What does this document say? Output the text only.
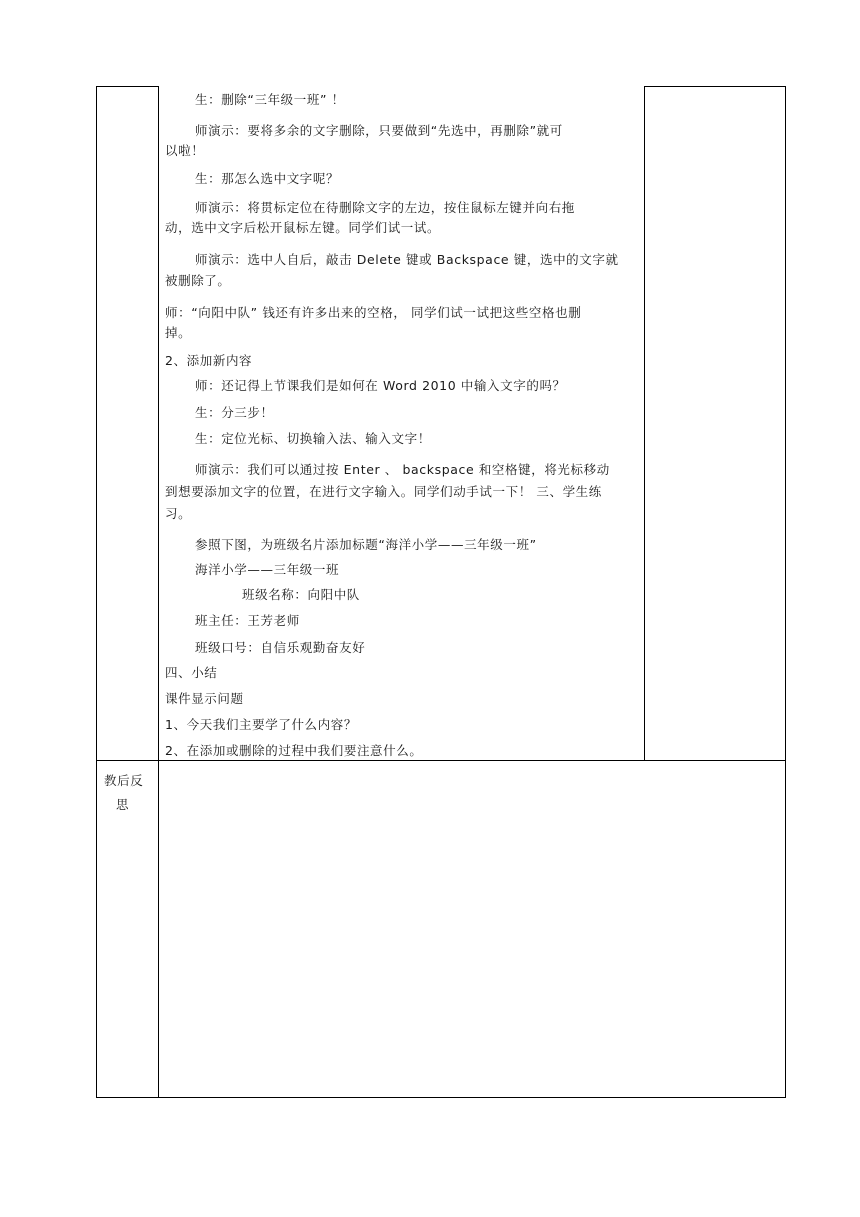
生：删除“三年级一班” ！
师演示：要将多余的文字删除，只要做到“先选中，再删除”就可
以啦！
生：那怎么选中文字呢？
师演示：将贯标定位在待删除文字的左边，按住鼠标左键并向右拖
动，选中文字后松开鼠标左键。同学们试一试。
师演示：选中人自后，敲击 Delete 键或 Backspace 键，选中的文字就
被删除了。
师：“向阳中队” 钱还有许多出来的空格， 同学们试一试把这些空格也删
掉。
2、添加新内容
师：还记得上节课我们是如何在 Word 2010 中输入文字的吗？
生：分三步！
生：定位光标、切换输入法、输入文字！
师演示：我们可以通过按 Enter 、 backspace 和空格键，将光标移动
到想要添加文字的位置，在进行文字输入。同学们动手试一下！ 三、学生练
习。
参照下图，为班级名片添加标题“海洋小学——三年级一班”
海洋小学——三年级一班
班级名称：向阳中队
班主任：王芳老师
班级口号：自信乐观勤奋友好
四、小结
课件显示问题
1、今天我们主要学了什么内容？
2、在添加或删除的过程中我们要注意什么。
教后反
思
